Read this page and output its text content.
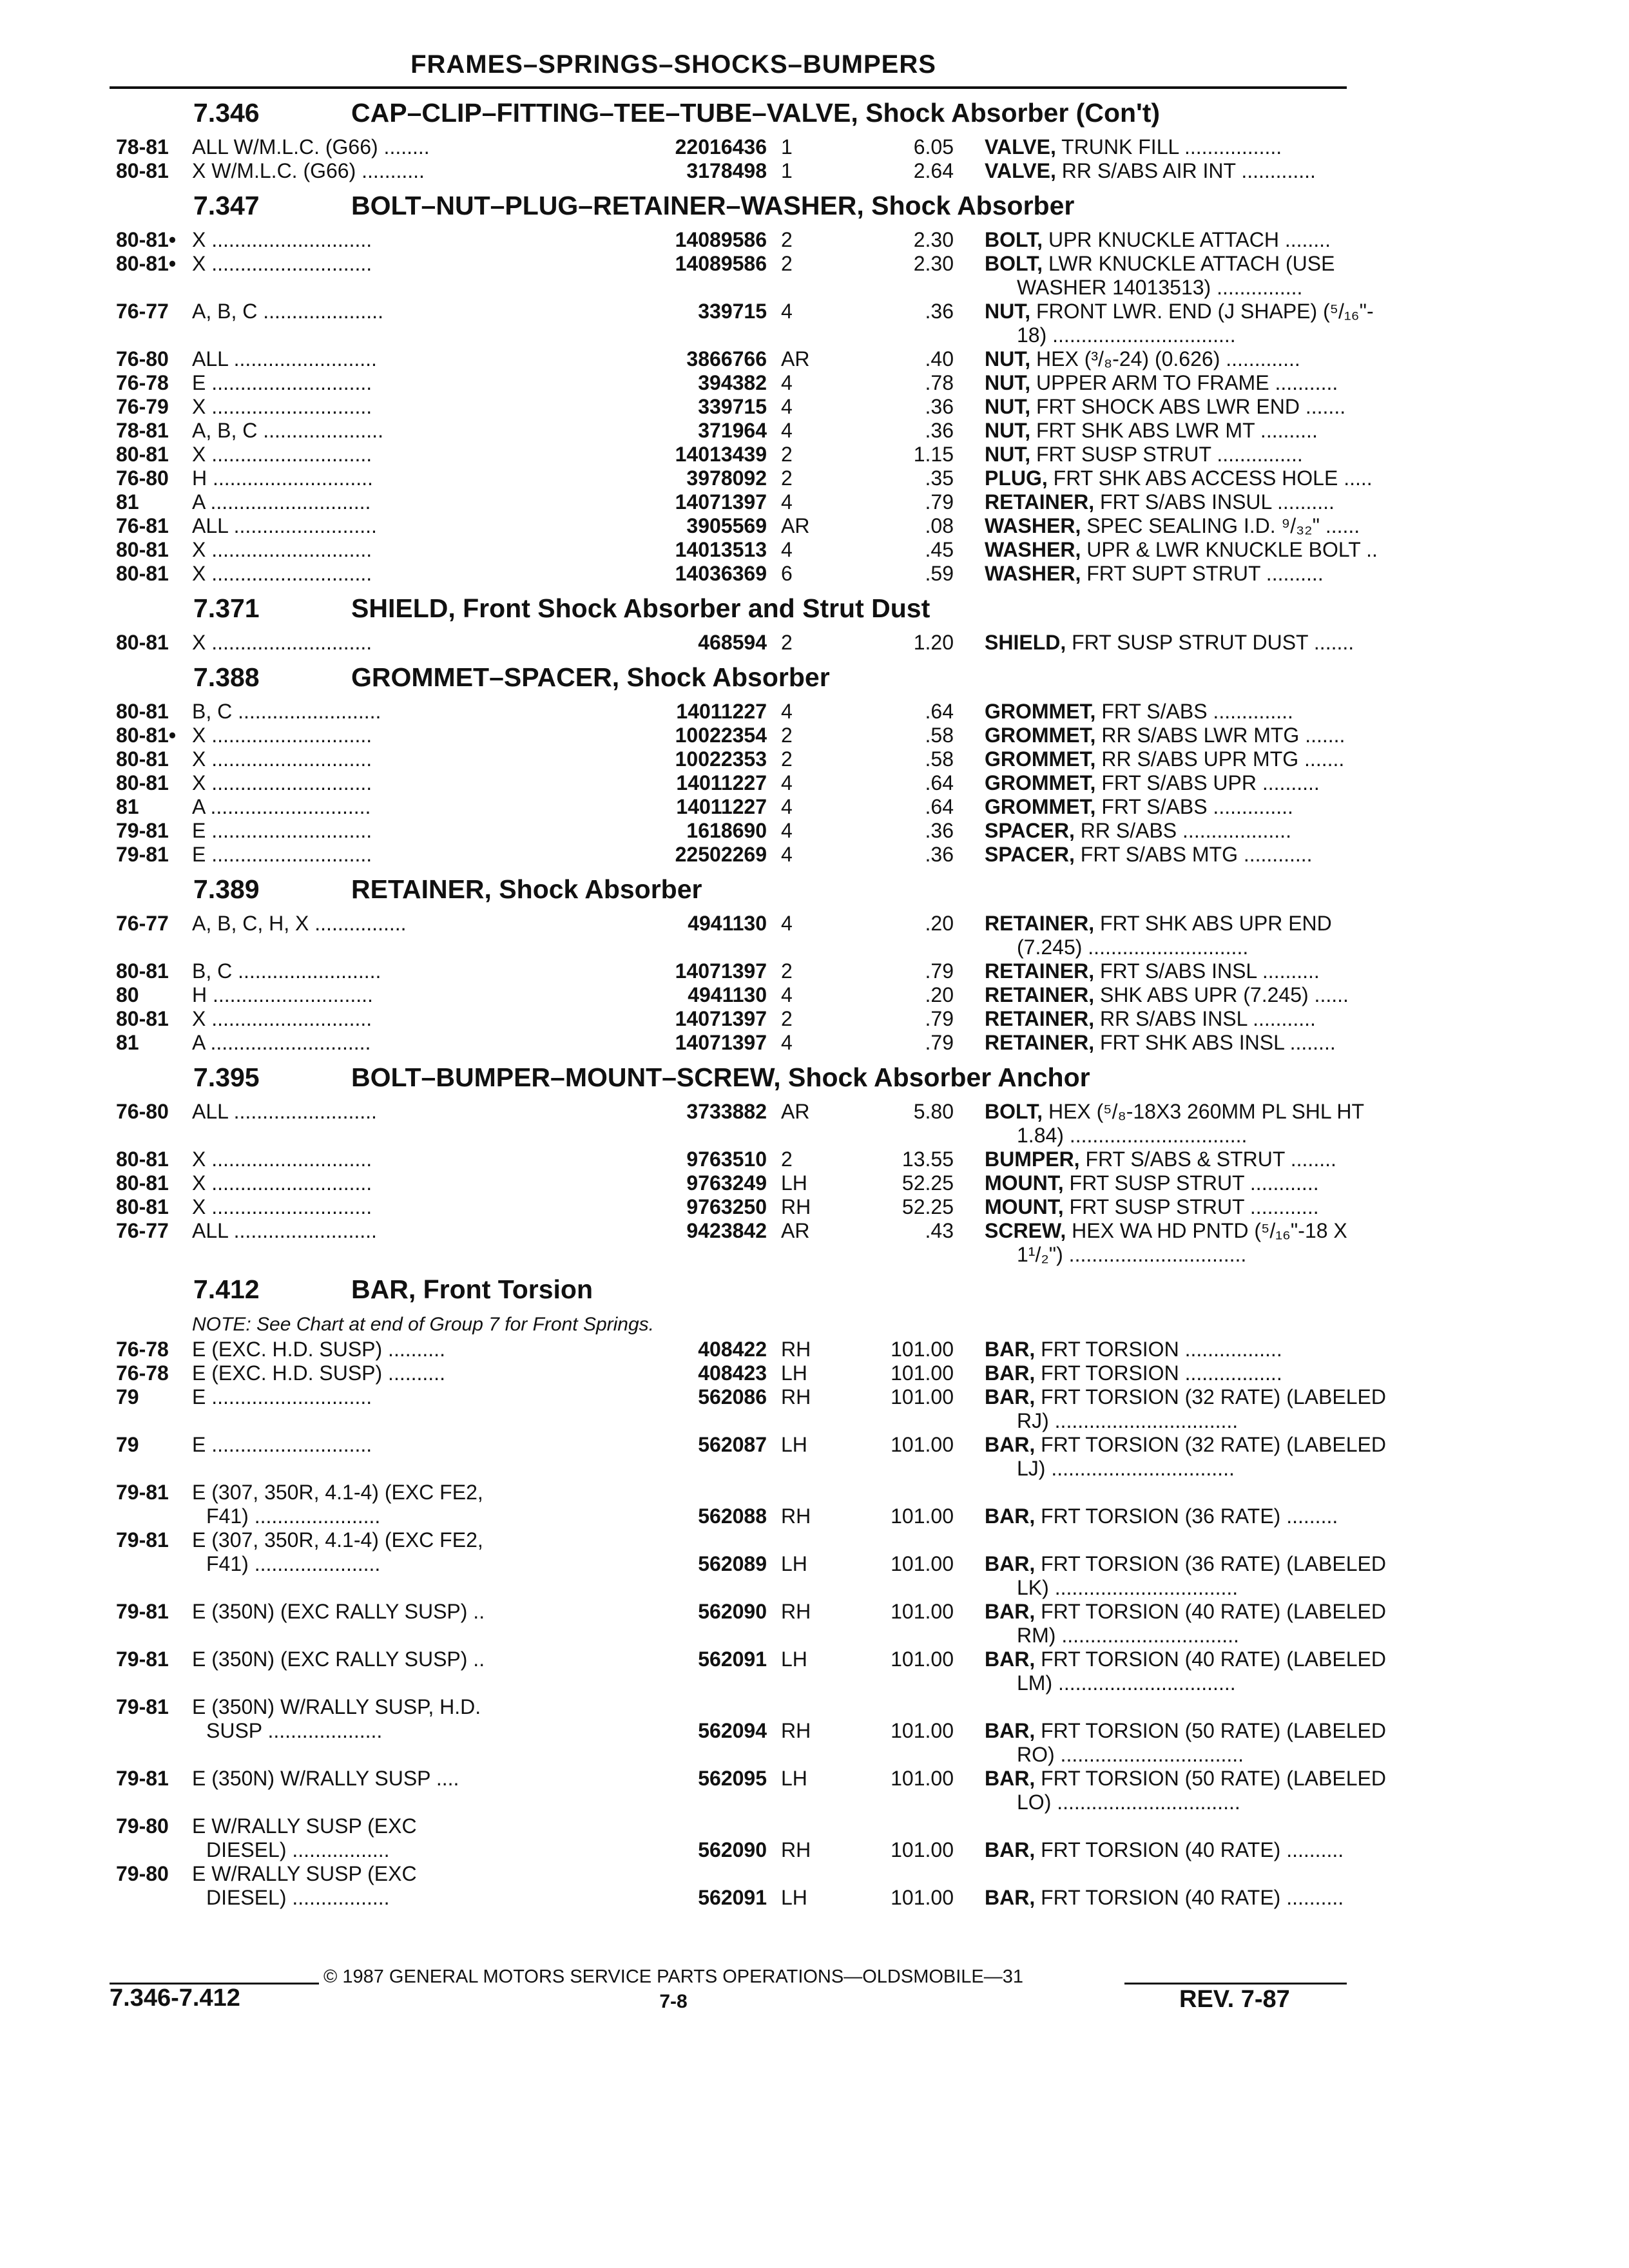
FRAMES–SPRINGS–SHOCKS–BUMPERS
7.346	CAP–CLIP–FITTING–TEE–TUBE–VALVE, Shock Absorber (Con't)
78-81	ALL W/M.L.C. (G66) ........	22016436 1	6.05	VALVE, TRUNK FILL .................
80-81	X W/M.L.C. (G66) ...........	3178498 1	2.64	VALVE, RR S/ABS AIR INT .............
7.347	BOLT–NUT–PLUG–RETAINER–WASHER, Shock Absorber
80-81• X ............................	14089586 2	2.30	BOLT, UPR KNUCKLE ATTACH ........
80-81• X ............................	14089586 2	2.30	BOLT, LWR KNUCKLE ATTACH (USE
WASHER 14013513) ...............
76-77	A, B, C .....................	339715 4	.36	NUT, FRONT LWR. END (J SHAPE) (⁵/₁₆"-
18) ................................
76-80	ALL .........................	3866766 AR	.40	NUT, HEX (³/₈-24) (0.626) .............
76-78	E ............................	394382 4	.78	NUT, UPPER ARM TO FRAME ...........
76-79	X ............................	339715 4	.36	NUT, FRT SHOCK ABS LWR END .......
78-81	A, B, C .....................	371964 4	.36	NUT, FRT SHK ABS LWR MT ..........
80-81	X ............................	14013439 2	1.15	NUT, FRT SUSP STRUT ...............
76-80	H ............................	3978092 2	.35	PLUG, FRT SHK ABS ACCESS HOLE .....
81	A ............................	14071397 4	.79	RETAINER, FRT S/ABS INSUL ..........
76-81	ALL .........................	3905569 AR	.08	WASHER, SPEC SEALING I.D. ⁹/₃₂" ......
80-81	X ............................	14013513 4	.45	WASHER, UPR & LWR KNUCKLE BOLT ..
80-81	X ............................	14036369 6	.59	WASHER, FRT SUPT STRUT ..........
7.371	SHIELD, Front Shock Absorber and Strut Dust
80-81	X ............................	468594 2	1.20	SHIELD, FRT SUSP STRUT DUST .......
7.388	GROMMET–SPACER, Shock Absorber
80-81	B, C .........................	14011227 4	.64	GROMMET, FRT S/ABS ..............
80-81• X ............................	10022354 2	.58	GROMMET, RR S/ABS LWR MTG .......
80-81	X ............................	10022353 2	.58	GROMMET, RR S/ABS UPR MTG .......
80-81	X ............................	14011227 4	.64	GROMMET, FRT S/ABS UPR ..........
81	A ............................	14011227 4	.64	GROMMET, FRT S/ABS ..............
79-81	E ............................	1618690 4	.36	SPACER, RR S/ABS ...................
79-81	E ............................	22502269 4	.36	SPACER, FRT S/ABS MTG ............
7.389	RETAINER, Shock Absorber
76-77	A, B, C, H, X ................	4941130 4	.20	RETAINER, FRT SHK ABS UPR END
(7.245) ............................
80-81	B, C .........................	14071397 2	.79	RETAINER, FRT S/ABS INSL ..........
80	H ............................	4941130 4	.20	RETAINER, SHK ABS UPR (7.245) ......
80-81	X ............................	14071397 2	.79	RETAINER, RR S/ABS INSL ...........
81	A ............................	14071397 4	.79	RETAINER, FRT SHK ABS INSL ........
7.395	BOLT–BUMPER–MOUNT–SCREW, Shock Absorber Anchor
76-80	ALL .........................	3733882 AR	5.80	BOLT, HEX (⁵/₈-18X3 260MM PL SHL HT
1.84) ...............................
80-81	X ............................	9763510 2	13.55	BUMPER, FRT S/ABS & STRUT ........
80-81	X ............................	9763249 LH	52.25	MOUNT, FRT SUSP STRUT ............
80-81	X ............................	9763250 RH	52.25	MOUNT, FRT SUSP STRUT ............
76-77	ALL .........................	9423842 AR	.43	SCREW, HEX WA HD PNTD (⁵/₁₆"-18 X
1¹/₂") ...............................
7.412	BAR, Front Torsion
NOTE: See Chart at end of Group 7 for Front Springs.
76-78	E (EXC. H.D. SUSP) ..........	408422 RH	101.00	BAR, FRT TORSION .................
76-78	E (EXC. H.D. SUSP) ..........	408423 LH	101.00	BAR, FRT TORSION .................
79	E ............................	562086 RH	101.00	BAR, FRT TORSION (32 RATE) (LABELED
RJ) ................................
79	E ............................	562087 LH	101.00	BAR, FRT TORSION (32 RATE) (LABELED
LJ) ................................
79-81	E (307, 350R, 4.1-4) (EXC FE2,
F41) ......................	562088 RH	101.00	BAR, FRT TORSION (36 RATE) .........
79-81	E (307, 350R, 4.1-4) (EXC FE2,
F41) ......................	562089 LH	101.00	BAR, FRT TORSION (36 RATE) (LABELED
LK) ................................
79-81	E (350N) (EXC RALLY SUSP) ..	562090 RH	101.00	BAR, FRT TORSION (40 RATE) (LABELED
RM) ...............................
79-81	E (350N) (EXC RALLY SUSP) ..	562091 LH	101.00	BAR, FRT TORSION (40 RATE) (LABELED
LM) ...............................
79-81	E (350N) W/RALLY SUSP, H.D.
SUSP ....................	562094 RH	101.00	BAR, FRT TORSION (50 RATE) (LABELED
RO) ................................
79-81	E (350N) W/RALLY SUSP ....	562095 LH	101.00	BAR, FRT TORSION (50 RATE) (LABELED
LO) ................................
79-80	E W/RALLY SUSP (EXC
DIESEL) .................	562090 RH	101.00	BAR, FRT TORSION (40 RATE) ..........
79-80	E W/RALLY SUSP (EXC
DIESEL) .................	562091 LH	101.00	BAR, FRT TORSION (40 RATE) ..........
© 1987 GENERAL MOTORS SERVICE PARTS OPERATIONS—OLDSMOBILE—31
7.346-7.412	7-8	REV. 7-87
